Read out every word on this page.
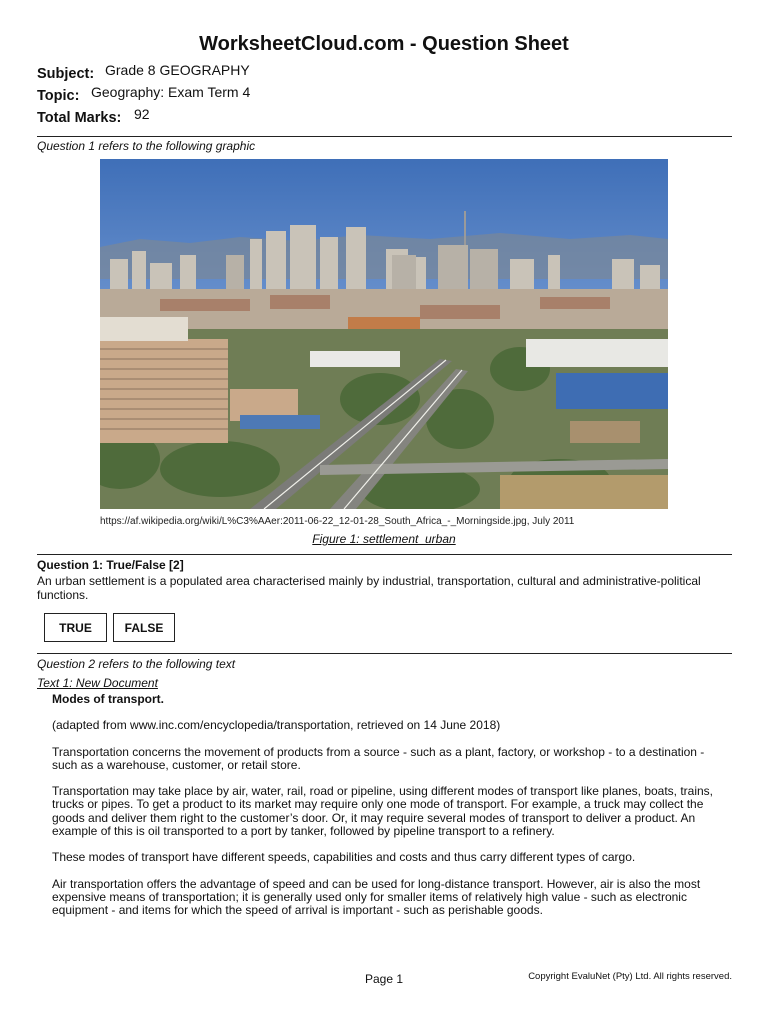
WorksheetCloud.com - Question Sheet
Subject: Grade 8 GEOGRAPHY
Topic: Geography: Exam Term 4
Total Marks: 92
Question 1 refers to the following graphic
https://af.wikipedia.org/wiki/L%C3%AAer:2011-06-22_12-01-28_South_Africa_-_Morningside.jpg, July 2011
Figure 1: settlement_urban
Question 1: True/False [2]

An urban settlement is a populated area characterised mainly by industrial, transportation, cultural and administrative-political functions.

TRUE	FALSE
Question 2 refers to the following text
Text 1: New Document
Modes of transport.

(adapted from www.inc.com/encyclopedia/transportation, retrieved on 14 June 2018)

Transportation concerns the movement of products from a source - such as a plant, factory, or workshop - to a destination - such as a warehouse, customer, or retail store.

Transportation may take place by air, water, rail, road or pipeline, using different modes of transport like planes, boats, trains, trucks or pipes. To get a product to its market may require only one mode of transport. For example, a truck may collect the goods and deliver them right to the customer’s door. Or, it may require several modes of transport to deliver a product. An example of this is oil transported to a port by tanker, followed by pipeline transport to a refinery.

These modes of transport have different speeds, capabilities and costs and thus carry different types of cargo.

Air transportation offers the advantage of speed and can be used for long-distance transport. However, air is also the most expensive means of transportation; it is generally used only for smaller items of relatively high value - such as electronic equipment - and items for which the speed of arrival is important - such as perishable goods.

Page 1	Copyright EvaluNet (Pty) Ltd. All rights reserved.
